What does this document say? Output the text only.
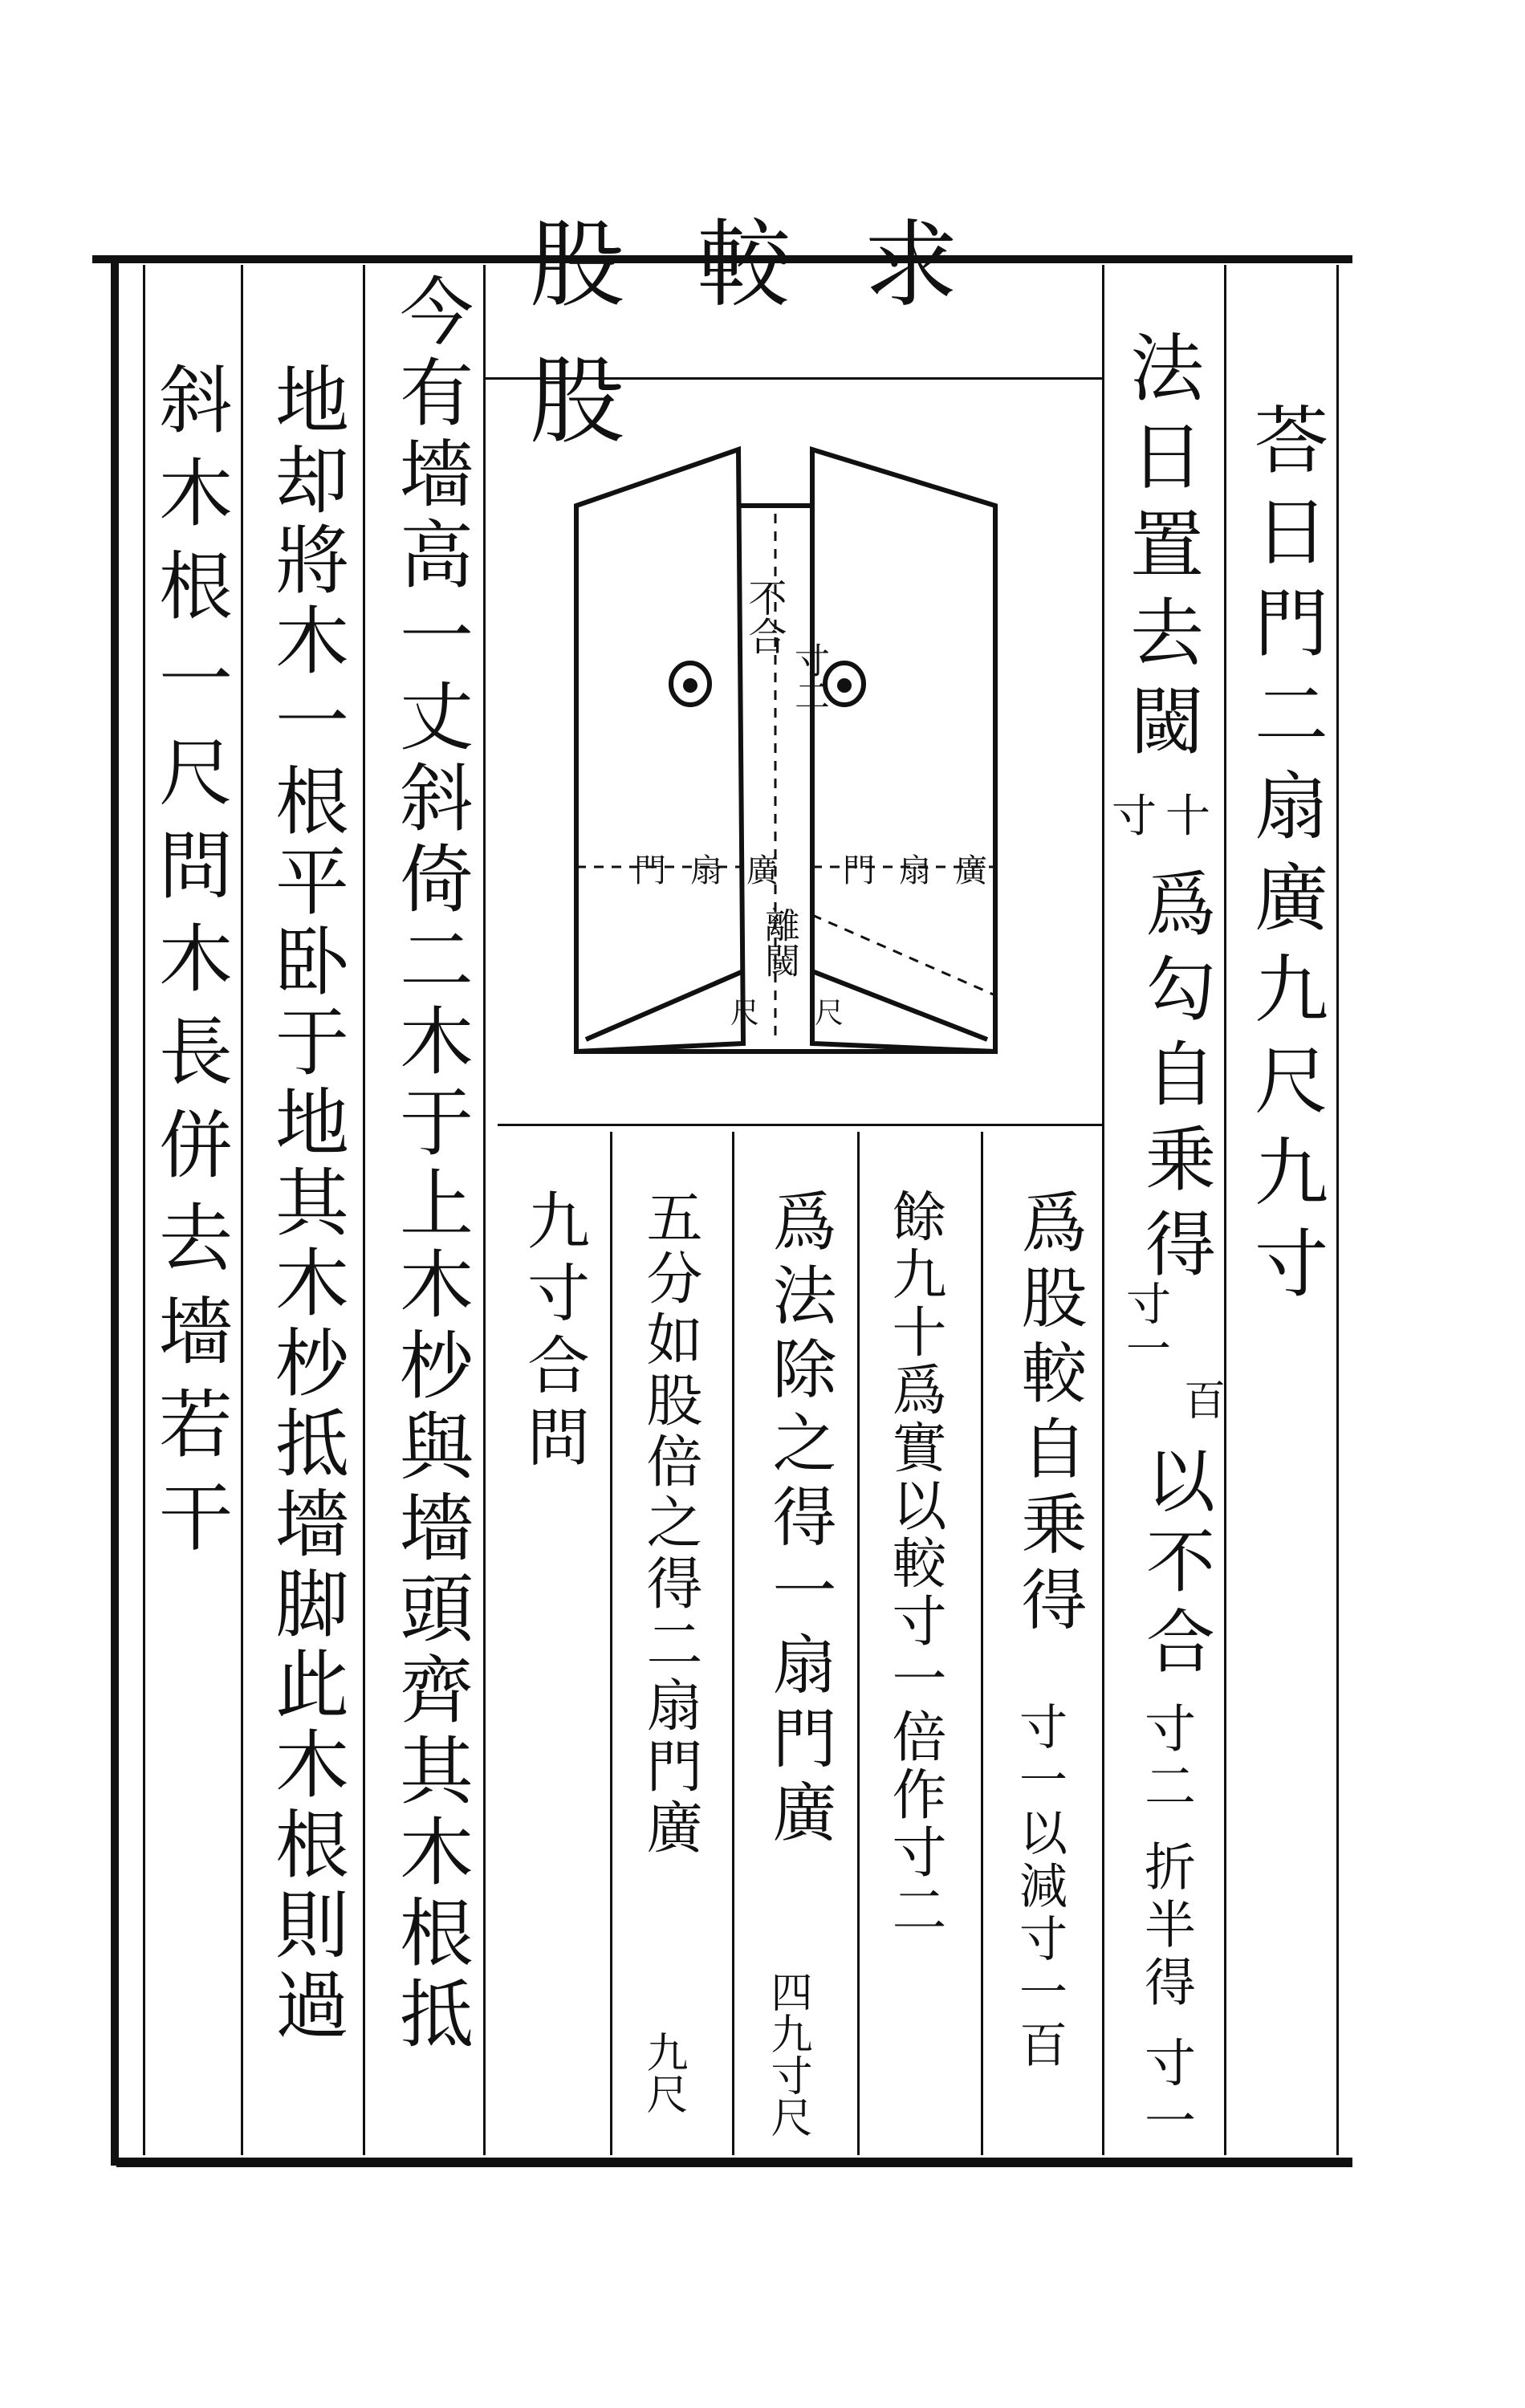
股較求股
不合
寸二
門扇廣 門扇廣
離閾
尺 尺	荅日門二扇廣九尺九寸
法日置去閾
十
寸
爲勾自乗得
寸一
百
以不合
寸二 折半得 寸一
爲股較自乗得
寸一以減寸一百
餘九十爲實以較寸一倍作寸二
爲法除之得一扇門廣
四九寸尺
五分如股倍之得二扇門廣
九尺
九寸合問
今有墻高一丈斜倚二木于上木杪與墻頭齊其木根抵
地却將木一根平卧于地其木杪抵墻脚此木根則過
斜木根一尺問木長併去墻若干
